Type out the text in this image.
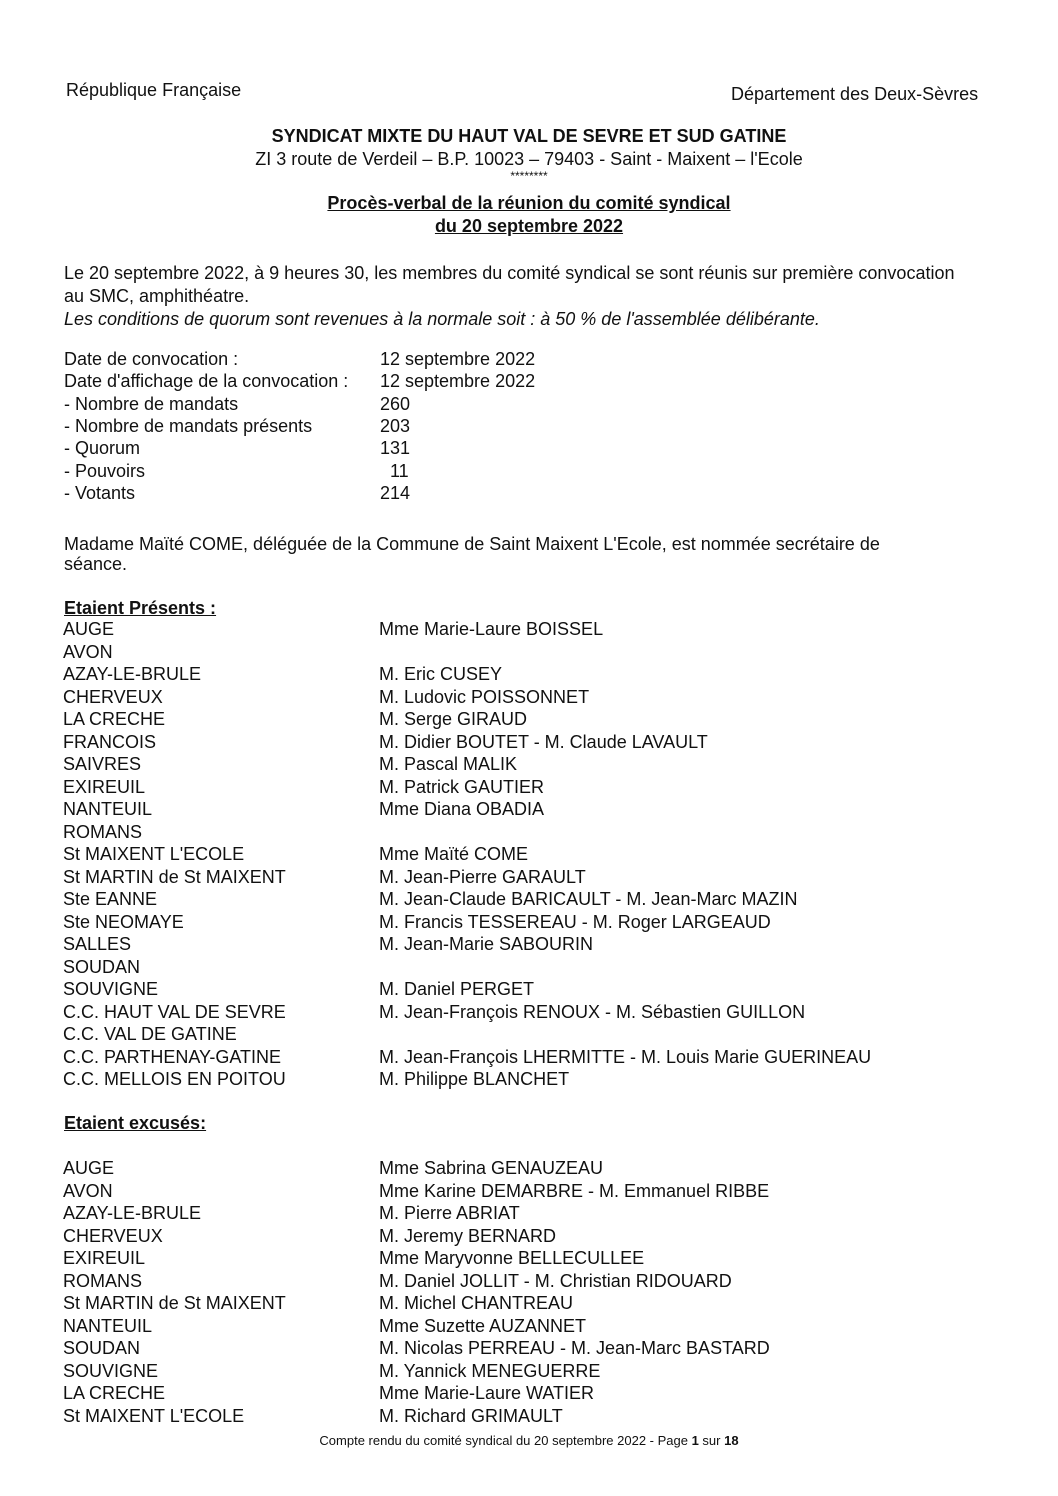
République Française	Département des Deux-Sèvres
SYNDICAT MIXTE DU HAUT VAL DE SEVRE ET SUD GATINE
ZI 3 route de Verdeil – B.P. 10023 – 79403 - Saint - Maixent – l'Ecole
********
Procès-verbal de la réunion du comité syndical
du 20 septembre 2022
Le 20 septembre 2022, à 9 heures 30, les membres du comité syndical se sont réunis sur première convocation
au SMC, amphithéatre.
Les conditions de quorum sont revenues à la normale soit : à 50 % de l'assemblée délibérante.
Date de convocation :	12 septembre 2022
Date d'affichage de la convocation : 12 septembre 2022
- Nombre de mandats	260
- Nombre de mandats présents	203
- Quorum	131
- Pouvoirs	11
- Votants	214
Madame Maïté COME, déléguée de la Commune de Saint Maixent L'Ecole, est nommée secrétaire de
séance.
Etaient Présents :
AUGE	Mme Marie-Laure BOISSEL
AVON
AZAY-LE-BRULE	M. Eric CUSEY
CHERVEUX	M. Ludovic POISSONNET
LA CRECHE	M. Serge GIRAUD
FRANCOIS	M. Didier BOUTET - M. Claude LAVAULT
SAIVRES	M. Pascal MALIK
EXIREUIL	M. Patrick GAUTIER
NANTEUIL	Mme Diana OBADIA
ROMANS
St MAIXENT L'ECOLE	Mme Maïté COME
St MARTIN de St MAIXENT	M. Jean-Pierre GARAULT
Ste EANNE	M. Jean-Claude BARICAULT - M. Jean-Marc MAZIN
Ste NEOMAYE	M. Francis TESSEREAU - M. Roger LARGEAUD
SALLES	M. Jean-Marie SABOURIN
SOUDAN
SOUVIGNE	M. Daniel PERGET
C.C. HAUT VAL DE SEVRE	M. Jean-François RENOUX - M. Sébastien GUILLON
C.C. VAL DE GATINE
C.C. PARTHENAY-GATINE	M. Jean-François LHERMITTE - M. Louis Marie GUERINEAU
C.C. MELLOIS EN POITOU	M. Philippe BLANCHET
Etaient excusés:
AUGE	Mme Sabrina GENAUZEAU
AVON	Mme Karine DEMARBRE - M. Emmanuel RIBBE
AZAY-LE-BRULE	M. Pierre ABRIAT
CHERVEUX	M. Jeremy BERNARD
EXIREUIL	Mme Maryvonne BELLECULLEE
ROMANS	M. Daniel JOLLIT - M. Christian RIDOUARD
St MARTIN de St MAIXENT	M. Michel CHANTREAU
NANTEUIL	Mme Suzette AUZANNET
SOUDAN	M. Nicolas PERREAU - M. Jean-Marc BASTARD
SOUVIGNE	M. Yannick MENEGUERRE
LA CRECHE	Mme Marie-Laure WATIER
St MAIXENT L'ECOLE	M. Richard GRIMAULT
Compte rendu du comité syndical du 20 septembre 2022 - Page 1 sur 18
